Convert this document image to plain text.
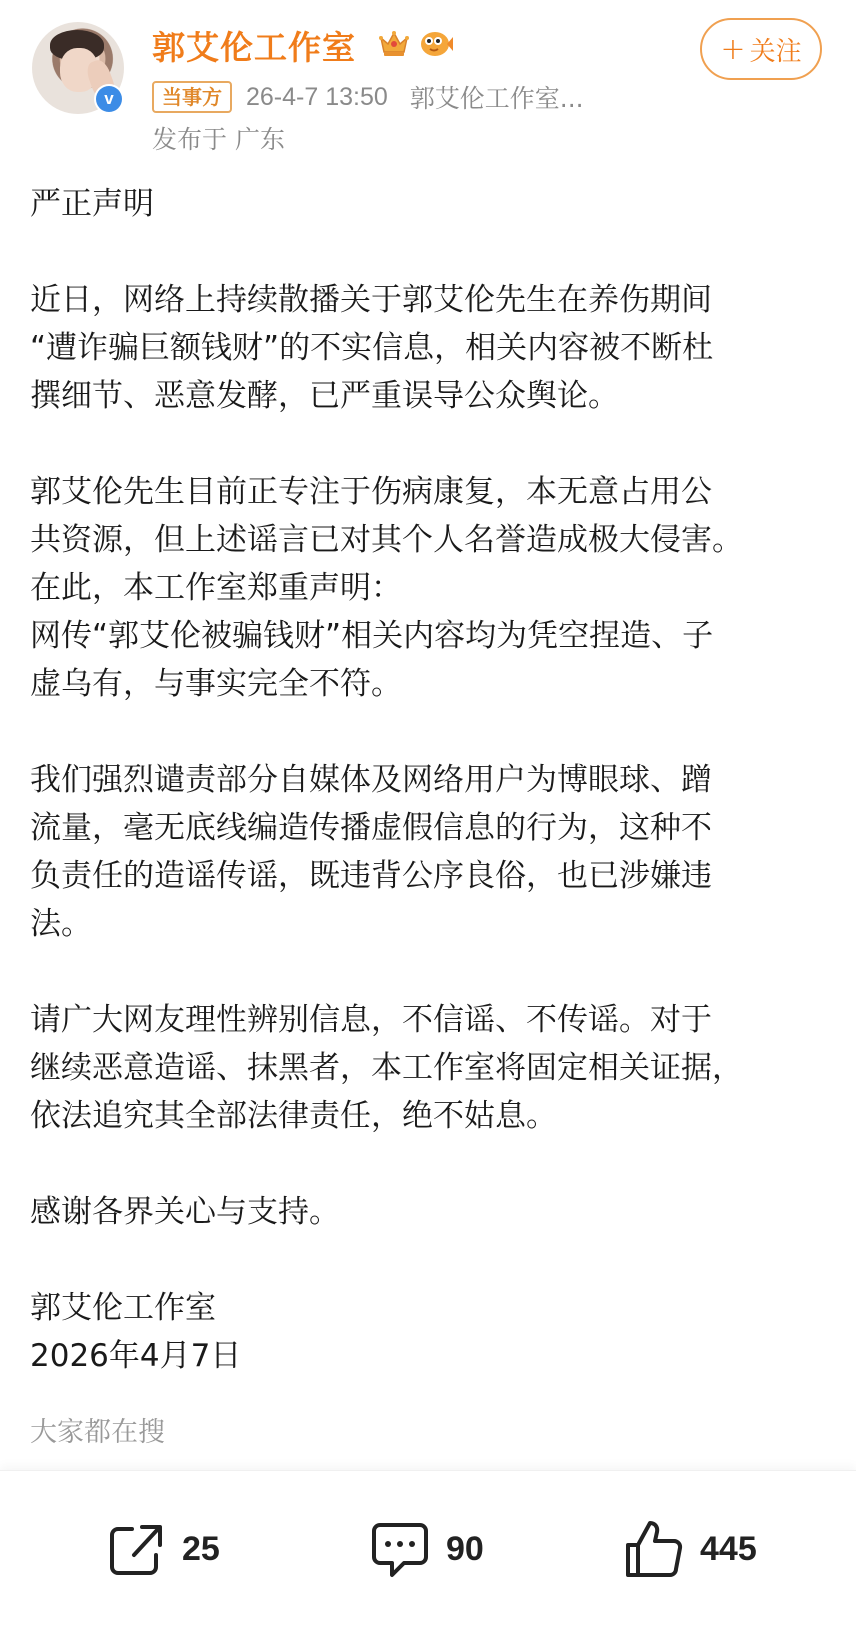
v
郭艾伦工作室	+ 关注
当事方 26-4-7 13:50 郭艾伦工作室...
发布于 广东

严正声明

近日，网络上持续散播关于郭艾伦先生在养伤期间

“遭诈骗巨额钱财”的不实信息，相关内容被不断杜

撰细节、恶意发酵，已严重误导公众舆论。

郭艾伦先生目前正专注于伤病康复，本无意占用公

共资源，但上述谣言已对其个人名誉造成极大侵害。

在此，本工作室郑重声明：

网传“郭艾伦被骗钱财”相关内容均为凭空捏造、子

虚乌有，与事实完全不符。

我们强烈谴责部分自媒体及网络用户为博眼球、蹭

流量，毫无底线编造传播虚假信息的行为，这种不

负责任的造谣传谣，既违背公序良俗，也已涉嫌违

法。

请广大网友理性辨别信息，不信谣、不传谣。对于

继续恶意造谣、抹黑者，本工作室将固定相关证据，

依法追究其全部法律责任，绝不姑息。

感谢各界关心与支持。

郭艾伦工作室

2026年4月7日

大家都在搜
25	90	445
